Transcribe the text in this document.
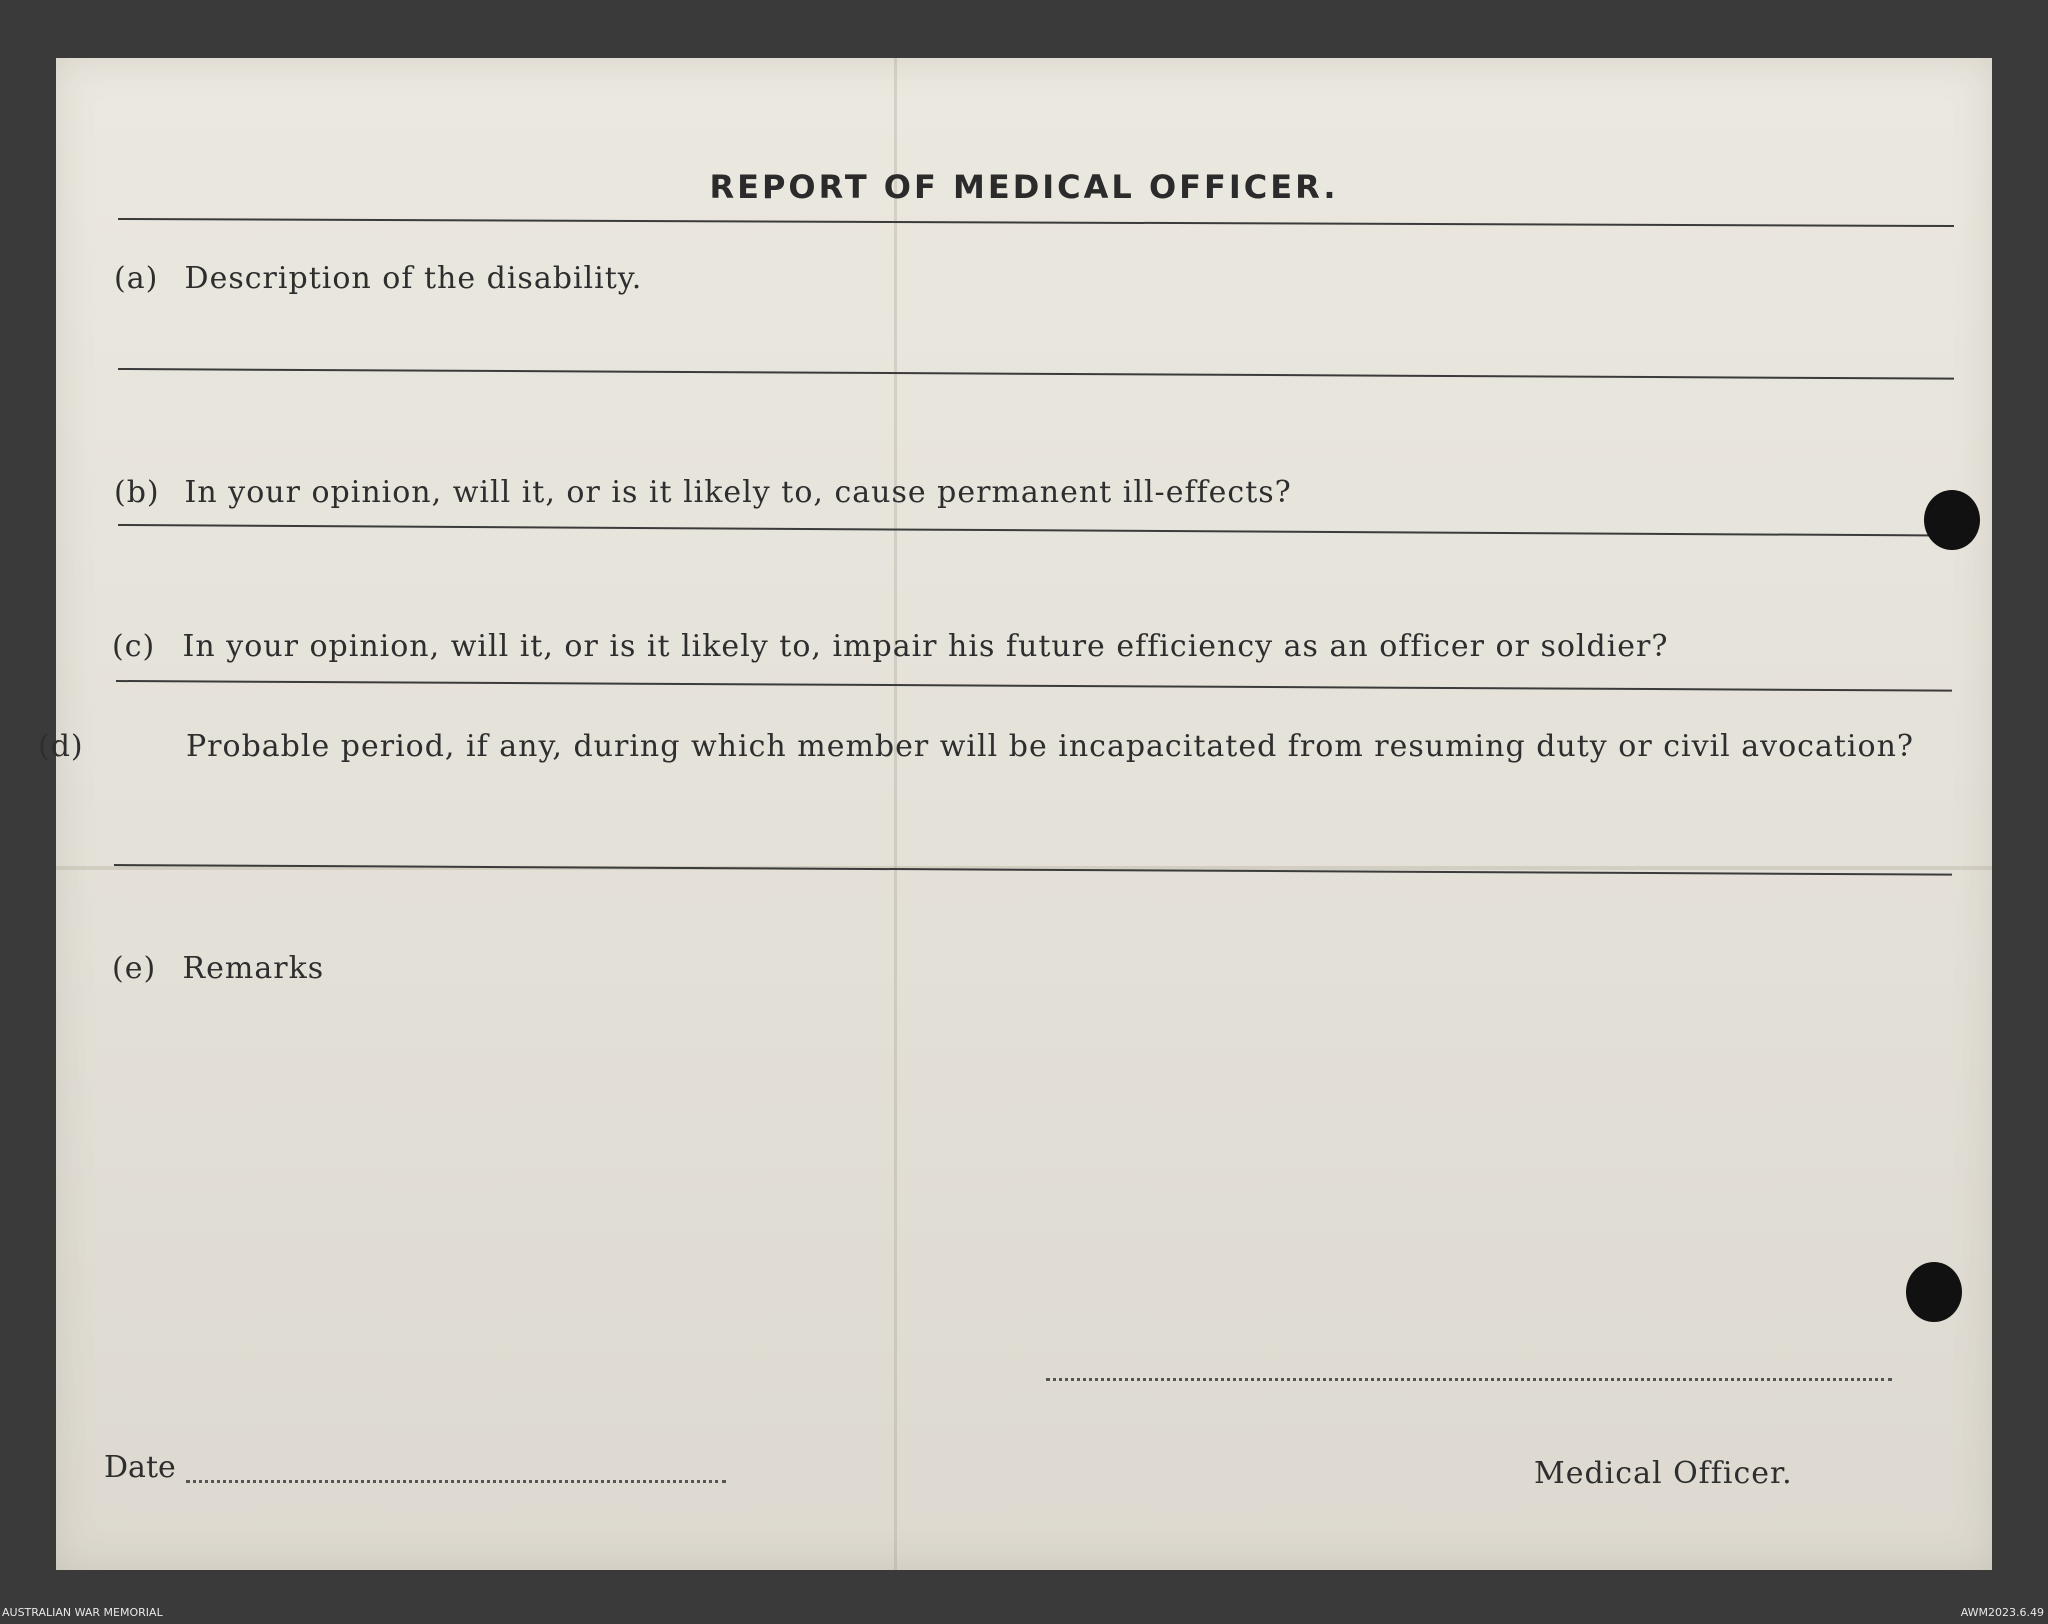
REPORT OF MEDICAL OFFICER.
(a) Description of the disability.
(b) In your opinion, will it, or is it likely to, cause permanent ill-effects?
(c) In your opinion, will it, or is it likely to, impair his future efficiency as an officer or soldier?
(d)	Probable period, if any, during which member will be incapacitated from resuming duty or civil avocation?
(e) Remarks
Date	Medical Officer.
AUSTRALIAN WAR MEMORIAL	AWM2023.6.49
